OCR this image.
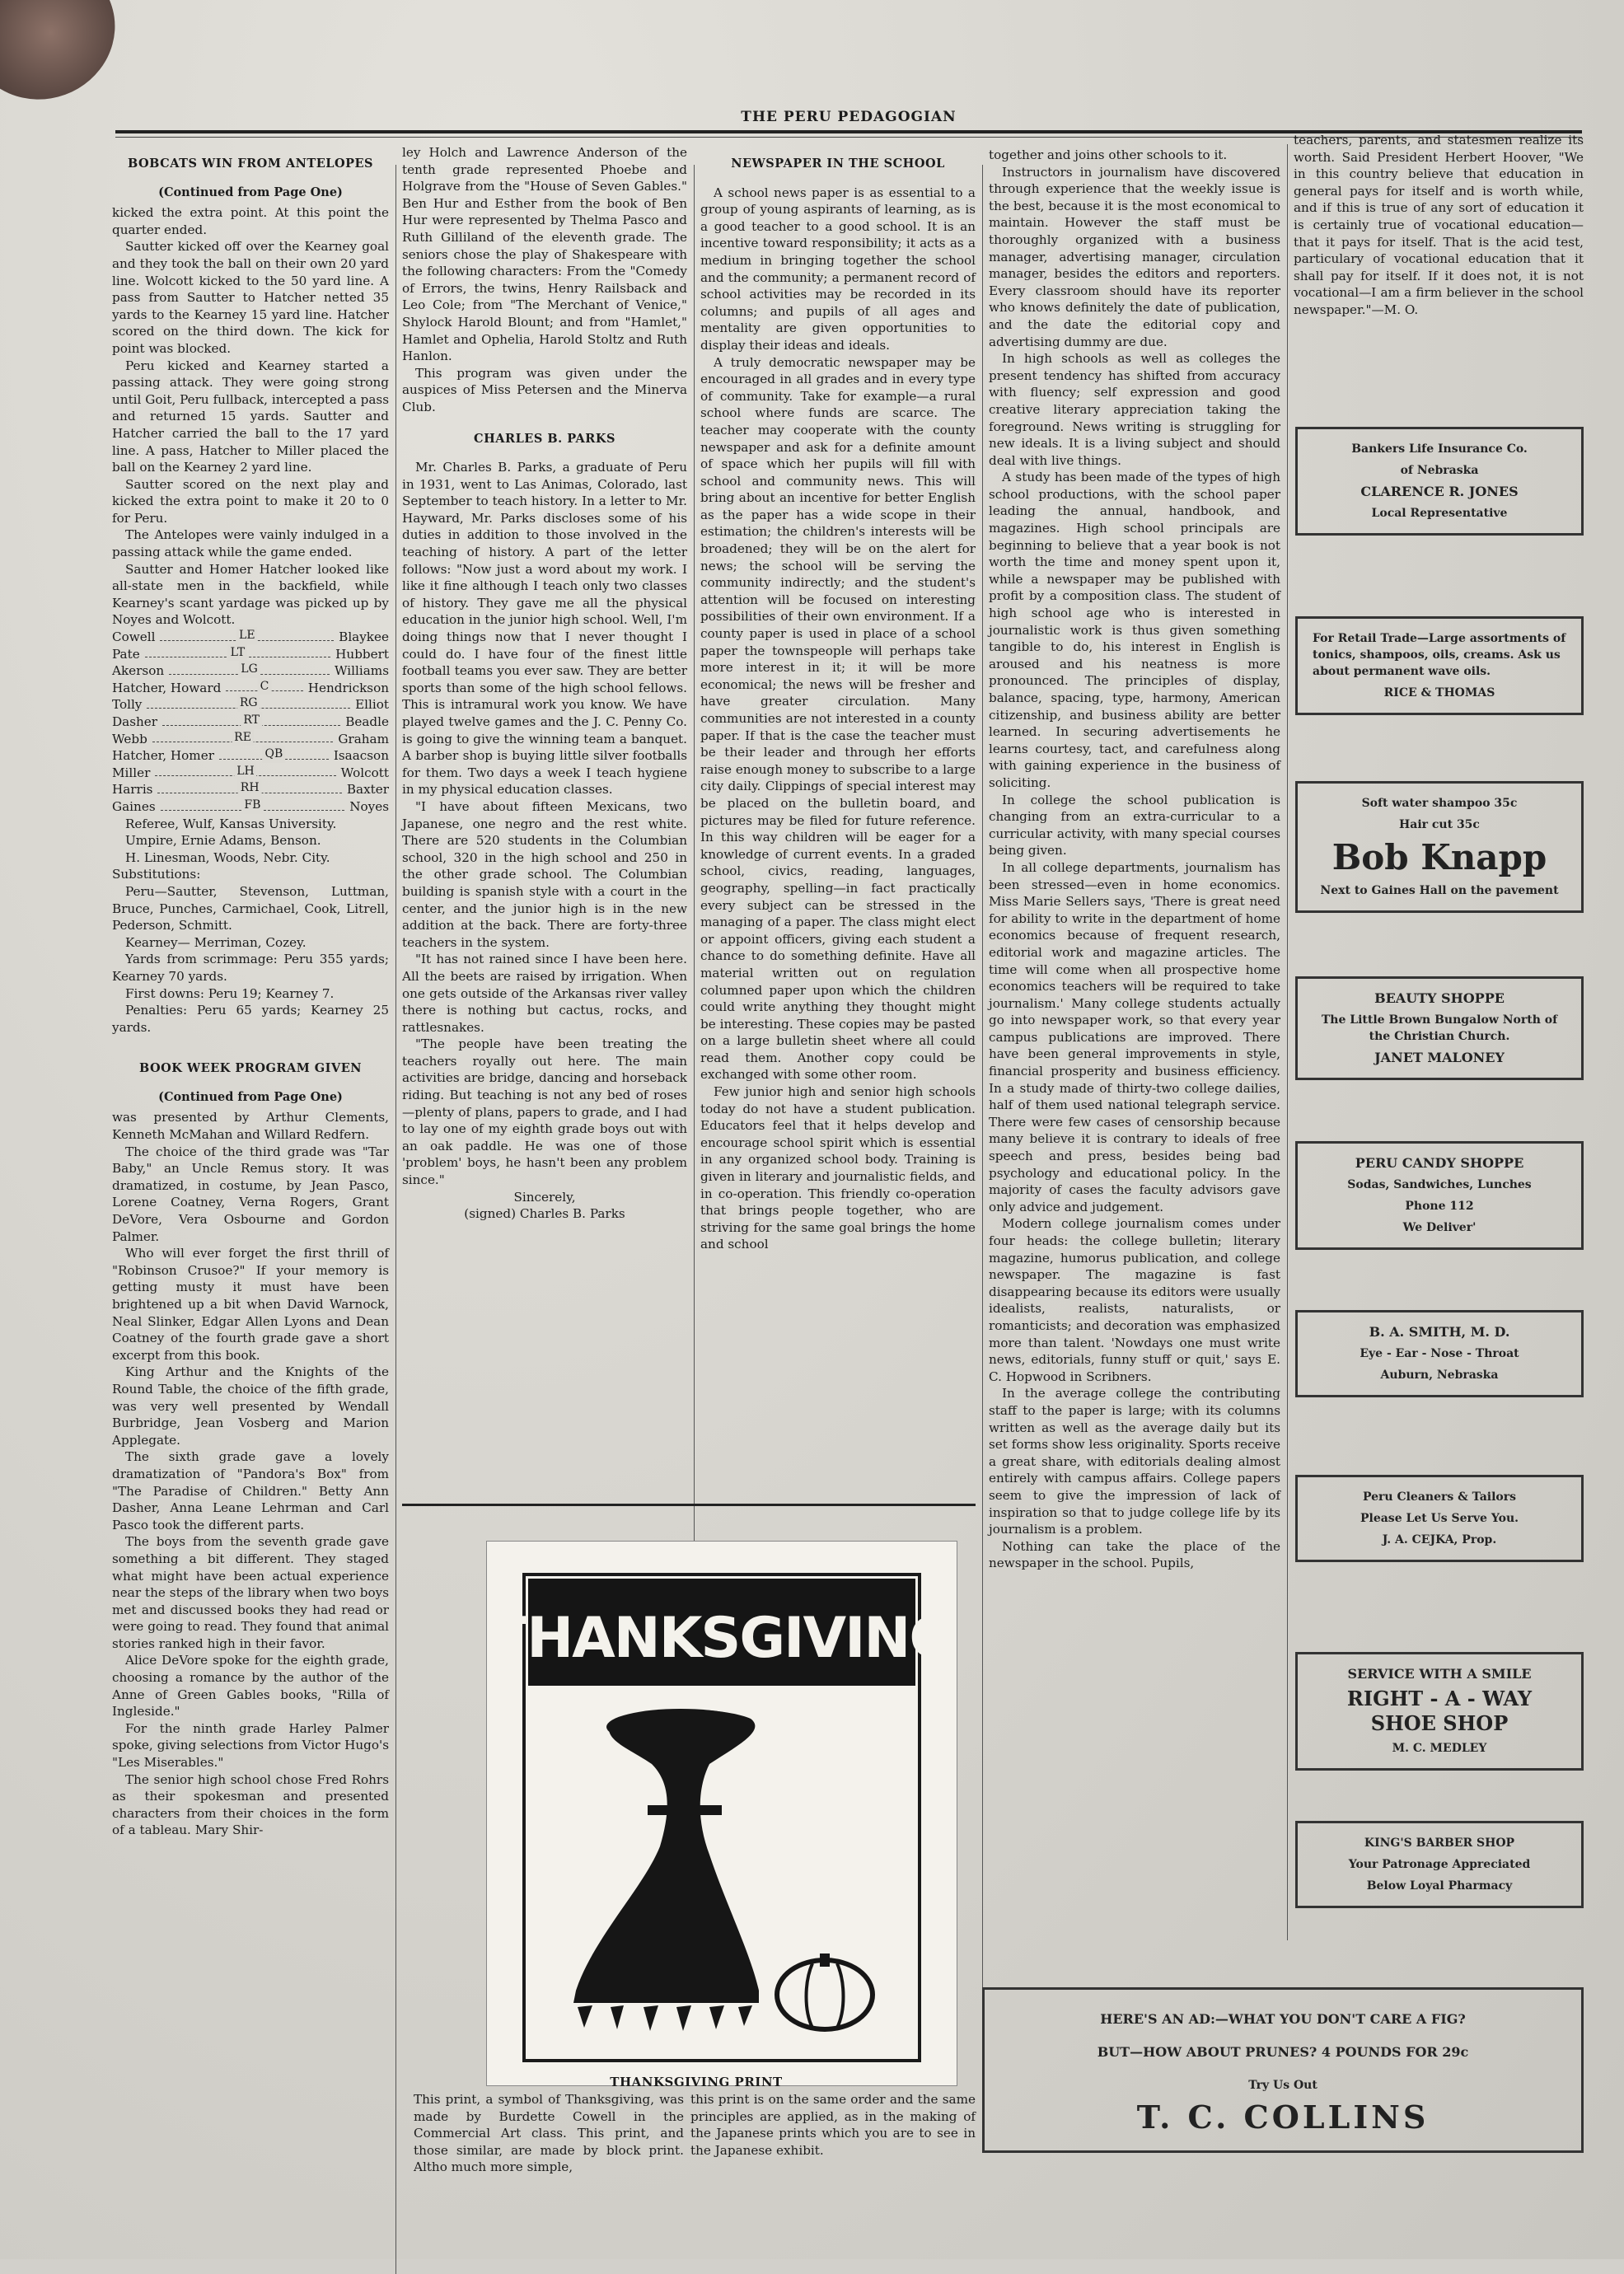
THE PERU PEDAGOGIAN
BOBCATS WIN FROM ANTELOPES

(Continued from Page One)

kicked the extra point. At this point the quarter ended.

Sautter kicked off over the Kearney goal and they took the ball on their own 20 yard line. Wolcott kicked to the 50 yard line. A pass from Sautter to Hatcher netted 35 yards to the Kearney 15 yard line. Hatcher scored on the third down. The kick for point was blocked.

Peru kicked and Kearney started a passing attack. They were going strong until Goit, Peru fullback, intercepted a pass and returned 15 yards. Sautter and Hatcher carried the ball to the 17 yard line. A pass, Hatcher to Miller placed the ball on the Kearney 2 yard line.

Sautter scored on the next play and kicked the extra point to make it 20 to 0 for Peru.

The Antelopes were vainly indulged in a passing attack while the game ended.

Sautter and Homer Hatcher looked like all-state men in the backfield, while Kearney's scant yardage was picked up by Noyes and Wolcott.

Cowell	LE	Blaykee
Pate	LT	Hubbert
Akerson	LG	Williams
Hatcher, Howard	C	Hendrickson
Tolly	RG	Elliot
Dasher	RT	Beadle
Webb	RE	Graham
Hatcher, Homer	QB	Isaacson
Miller	LH	Wolcott
Harris	RH	Baxter
Gaines	FB	Noyes

Referee, Wulf, Kansas University.

Umpire, Ernie Adams, Benson.

H. Linesman, Woods, Nebr. City.

Substitutions:

Peru—Sautter, Stevenson, Luttman, Bruce, Punches, Carmichael, Cook, Litrell, Pederson, Schmitt.

Kearney— Merriman, Cozey.

Yards from scrimmage: Peru 355 yards; Kearney 70 yards.

First downs: Peru 19; Kearney 7.

Penalties: Peru 65 yards; Kearney 25 yards.

BOOK WEEK PROGRAM GIVEN

(Continued from Page One)

was presented by Arthur Clements, Kenneth McMahan and Willard Redfern.

The choice of the third grade was "Tar Baby," an Uncle Remus story. It was dramatized, in costume, by Jean Pasco, Lorene Coatney, Verna Rogers, Grant DeVore, Vera Osbourne and Gordon Palmer.

Who will ever forget the first thrill of "Robinson Crusoe?" If your memory is getting musty it must have been brightened up a bit when David Warnock, Neal Slinker, Edgar Allen Lyons and Dean Coatney of the fourth grade gave a short excerpt from this book.

King Arthur and the Knights of the Round Table, the choice of the fifth grade, was very well presented by Wendall Burbridge, Jean Vosberg and Marion Applegate.

The sixth grade gave a lovely dramatization of "Pandora's Box" from "The Paradise of Children." Betty Ann Dasher, Anna Leane Lehrman and Carl Pasco took the different parts.

The boys from the seventh grade gave something a bit different. They staged what might have been actual experience near the steps of the library when two boys met and discussed books they had read or were going to read. They found that animal stories ranked high in their favor.

Alice DeVore spoke for the eighth grade, choosing a romance by the author of the Anne of Green Gables books, "Rilla of Ingleside."

For the ninth grade Harley Palmer spoke, giving selections from Victor Hugo's "Les Miserables."

The senior high school chose Fred Rohrs as their spokesman and presented characters from their choices in the form of a tableau. Mary Shir-

ley Holch and Lawrence Anderson of the tenth grade represented Phoebe and Holgrave from the "House of Seven Gables." Ben Hur and Esther from the book of Ben Hur were represented by Thelma Pasco and Ruth Gilliland of the eleventh grade. The seniors chose the play of Shakespeare with the following characters: From the "Comedy of Errors, the twins, Henry Railsback and Leo Cole; from "The Merchant of Venice," Shylock Harold Blount; and from "Hamlet," Hamlet and Ophelia, Harold Stoltz and Ruth Hanlon.

This program was given under the auspices of Miss Petersen and the Minerva Club.

CHARLES B. PARKS

Mr. Charles B. Parks, a graduate of Peru in 1931, went to Las Animas, Colorado, last September to teach history. In a letter to Mr. Hayward, Mr. Parks discloses some of his duties in addition to those involved in the teaching of history. A part of the letter follows: "Now just a word about my work. I like it fine although I teach only two classes of history. They gave me all the physical education in the junior high school. Well, I'm doing things now that I never thought I could do. I have four of the finest little football teams you ever saw. They are better sports than some of the high school fellows. This is intramural work you know. We have played twelve games and the J. C. Penny Co. is going to give the winning team a banquet. A barber shop is buying little silver footballs for them. Two days a week I teach hygiene in my physical education classes.

"I have about fifteen Mexicans, two Japanese, one negro and the rest white. There are 520 students in the Columbian school, 320 in the high school and 250 in the other grade school. The Columbian building is spanish style with a court in the center, and the junior high is in the new addition at the back. There are forty-three teachers in the system.

"It has not rained since I have been here. All the beets are raised by irrigation. When one gets outside of the Arkansas river valley there is nothing but cactus, rocks, and rattlesnakes.

"The people have been treating the teachers royally out here. The main activities are bridge, dancing and horseback riding. But teaching is not any bed of roses—plenty of plans, papers to grade, and I had to lay one of my eighth grade boys out with an oak paddle. He was one of those 'problem' boys, he hasn't been any problem since."

Sincerely,

(signed) Charles B. Parks

NEWSPAPER IN THE SCHOOL

A school news paper is as essential to a group of young aspirants of learning, as is a good teacher to a good school. It is an incentive toward responsibility; it acts as a medium in bringing together the school and the community; a permanent record of school activities may be recorded in its columns; and pupils of all ages and mentality are given opportunities to display their ideas and ideals.

A truly democratic newspaper may be encouraged in all grades and in every type of community. Take for example—a rural school where funds are scarce. The teacher may cooperate with the county newspaper and ask for a definite amount of space which her pupils will fill with school and community news. This will bring about an incentive for better English as the paper has a wide scope in their estimation; the children's interests will be broadened; they will be on the alert for news; the school will be serving the community indirectly; and the student's attention will be focused on interesting possibilities of their own environment. If a county paper is used in place of a school paper the townspeople will perhaps take more interest in it; it will be more economical; the news will be fresher and have greater circulation. Many communities are not interested in a county paper. If that is the case the teacher must be their leader and through her efforts raise enough money to subscribe to a large city daily. Clippings of special interest may be placed on the bulletin board, and pictures may be filed for future reference. In this way children will be eager for a knowledge of current events. In a graded school, civics, reading, languages, geography, spelling—in fact practically every subject can be stressed in the managing of a paper. The class might elect or appoint officers, giving each student a chance to do something definite. Have all material written out on regulation columned paper upon which the children could write anything they thought might be interesting. These copies may be pasted on a large bulletin sheet where all could read them. Another copy could be exchanged with some other room.

Few junior high and senior high schools today do not have a student publication. Educators feel that it helps develop and encourage school spirit which is essential in any organized school body. Training is given in literary and journalistic fields, and in co-operation. This friendly co-operation that brings people together, who are striving for the same goal brings the home and school

together and joins other schools to it.

Instructors in journalism have discovered through experience that the weekly issue is the best, because it is the most economical to maintain. However the staff must be thoroughly organized with a business manager, advertising manager, circulation manager, besides the editors and reporters. Every classroom should have its reporter who knows definitely the date of publication, and the date the editorial copy and advertising dummy are due.

In high schools as well as colleges the present tendency has shifted from accuracy with fluency; self expression and good creative literary appreciation taking the foreground. News writing is struggling for new ideals. It is a living subject and should deal with live things.

A study has been made of the types of high school productions, with the school paper leading the annual, handbook, and magazines. High school principals are beginning to believe that a year book is not worth the time and money spent upon it, while a newspaper may be published with profit by a composition class. The student of high school age who is interested in journalistic work is thus given something tangible to do, his interest in English is aroused and his neatness is more pronounced. The principles of display, balance, spacing, type, harmony, American citizenship, and business ability are better learned. In securing advertisements he learns courtesy, tact, and carefulness along with gaining experience in the business of soliciting.

In college the school publication is changing from an extra-curricular to a curricular activity, with many special courses being given.

In all college departments, journalism has been stressed—even in home economics. Miss Marie Sellers says, 'There is great need for ability to write in the department of home economics because of frequent research, editorial work and magazine articles. The time will come when all prospective home economics teachers will be required to take journalism.' Many college students actually go into newspaper work, so that every year campus publications are improved. There have been general improvements in style, financial prosperity and business efficiency. In a study made of thirty-two college dailies, half of them used national telegraph service. There were few cases of censorship because many believe it is contrary to ideals of free speech and press, besides being bad psychology and educational policy. In the majority of cases the faculty advisors gave only advice and judgement.

Modern college journalism comes under four heads: the college bulletin; literary magazine, humorus publication, and college newspaper. The magazine is fast disappearing because its editors were usually idealists, realists, naturalists, or romanticists; and decoration was emphasized more than talent. 'Nowdays one must write news, editorials, funny stuff or quit,' says E. C. Hopwood in Scribners.

In the average college the contributing staff to the paper is large; with its columns written as well as the average daily but its set forms show less originality. Sports receive a great share, with editorials dealing almost entirely with campus affairs. College papers seem to give the impression of lack of inspiration so that to judge college life by its journalism is a problem.

Nothing can take the place of the newspaper in the school. Pupils,

teachers, parents, and statesmen realize its worth. Said President Herbert Hoover, "We in this country believe that education in general pays for itself and is worth while, and if this is true of any sort of education it is certainly true of vocational education—that it pays for itself. That is the acid test, particulary of vocational education that it shall pay for itself. If it does not, it is not vocational—I am a firm believer in the school newspaper."—M. O.

THANKSGIVING
THANKSGIVING PRINT
This print, a symbol of Thanksgiving, was made by Burdette Cowell in the Commercial Art class. This print, and those similar, are made by block print. Altho much more simple,
this print is on the same order and the same principles are applied, as in the making of the Japanese prints which you are to see in the Japanese exhibit.
Bankers Life Insurance Co.
of Nebraska
CLARENCE R. JONES
Local Representative
For Retail Trade—Large assortments of tonics, shampoos, oils, creams. Ask us about permanent wave oils.
RICE & THOMAS
Soft water shampoo 35c
Hair cut 35c
Bob Knapp
Next to Gaines Hall on the pavement
BEAUTY SHOPPE
The Little Brown Bungalow North of the Christian Church.
JANET MALONEY
PERU CANDY SHOPPE
Sodas, Sandwiches, Lunches
Phone 112
We Deliver'
B. A. SMITH, M. D.
Eye - Ear - Nose - Throat
Auburn, Nebraska
Peru Cleaners & Tailors
Please Let Us Serve You.
J. A. CEJKA, Prop.
SERVICE WITH A SMILE
RIGHT - A - WAY
SHOE SHOP
M. C. MEDLEY
KING'S BARBER SHOP
Your Patronage Appreciated
Below Loyal Pharmacy
HERE'S AN AD:—WHAT YOU DON'T CARE A FIG?
BUT—HOW ABOUT PRUNES? 4 POUNDS FOR 29c
Try Us Out
T. C. COLLINS
